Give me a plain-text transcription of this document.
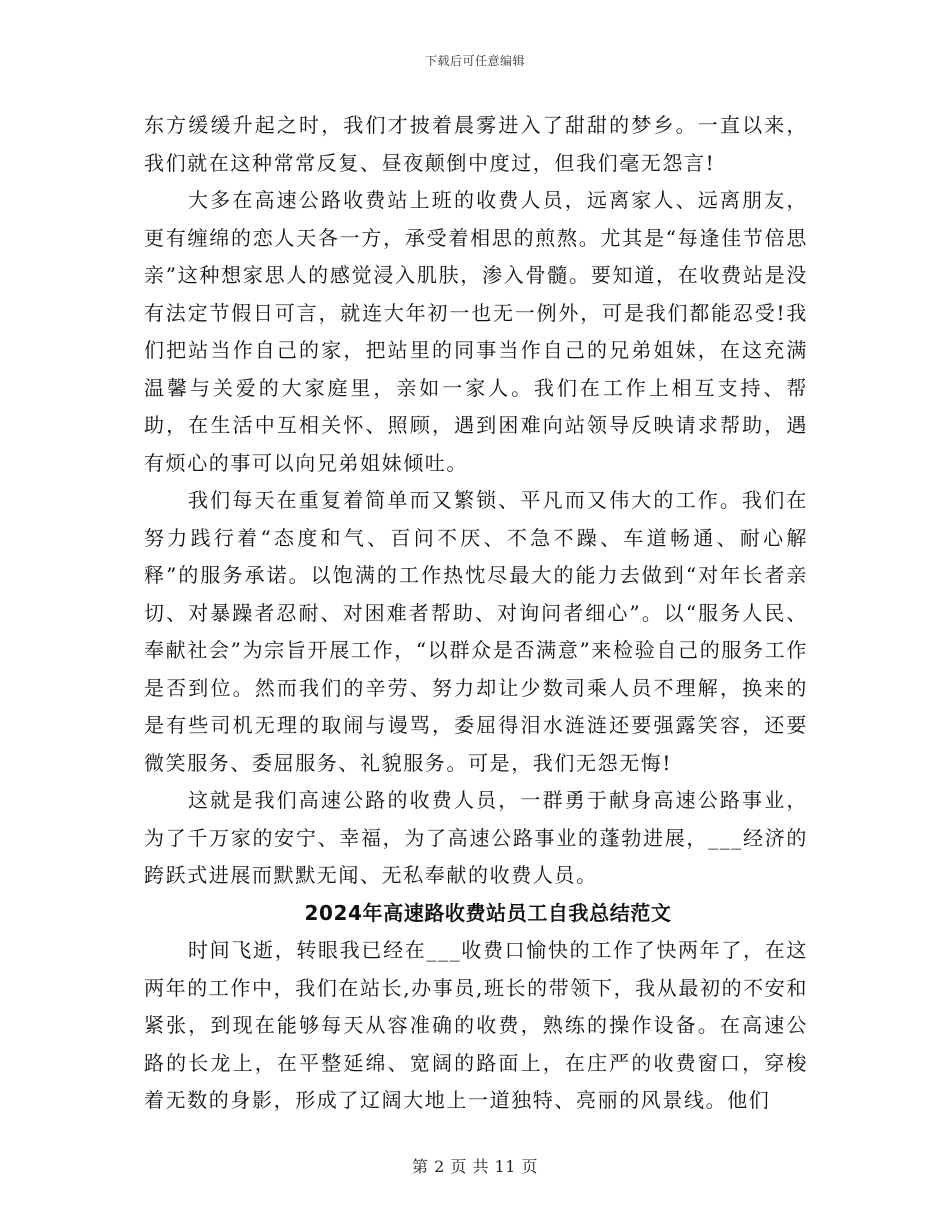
下载后可任意编辑

东方缓缓升起之时，我们才披着晨雾进入了甜甜的梦乡。一直以来，我们就在这种常常反复、昼夜颠倒中度过，但我们毫无怨言!

大多在高速公路收费站上班的收费人员，远离家人、远离朋友，更有缠绵的恋人天各一方，承受着相思的煎熬。尤其是“每逢佳节倍思亲”这种想家思人的感觉浸入肌肤，渗入骨髓。要知道，在收费站是没有法定节假日可言，就连大年初一也无一例外，可是我们都能忍受!我们把站当作自己的家，把站里的同事当作自己的兄弟姐妹，在这充满温馨与关爱的大家庭里，亲如一家人。我们在工作上相互支持、帮助，在生活中互相关怀、照顾，遇到困难向站领导反映请求帮助，遇有烦心的事可以向兄弟姐妹倾吐。

我们每天在重复着简单而又繁锁、平凡而又伟大的工作。我们在努力践行着“态度和气、百问不厌、不急不躁、车道畅通、耐心解释”的服务承诺。以饱满的工作热忱尽最大的能力去做到“对年长者亲切、对暴躁者忍耐、对困难者帮助、对询问者细心”。以“服务人民、奉献社会”为宗旨开展工作，“以群众是否满意”来检验自己的服务工作是否到位。然而我们的辛劳、努力却让少数司乘人员不理解，换来的是有些司机无理的取闹与谩骂，委屈得泪水涟涟还要强露笑容，还要微笑服务、委屈服务、礼貌服务。可是，我们无怨无悔!

这就是我们高速公路的收费人员，一群勇于献身高速公路事业，为了千万家的安宁、幸福，为了高速公路事业的蓬勃进展，___经济的跨跃式进展而默默无闻、无私奉献的收费人员。

2024年高速路收费站员工自我总结范文

时间飞逝，转眼我已经在___收费口愉快的工作了快两年了，在这两年的工作中，我们在站长,办事员,班长的带领下，我从最初的不安和紧张，到现在能够每天从容准确的收费，熟练的操作设备。在高速公路的长龙上，在平整延绵、宽阔的路面上，在庄严的收费窗口，穿梭着无数的身影，形成了辽阔大地上一道独特、亮丽的风景线。他们

第 2 页 共 11 页
